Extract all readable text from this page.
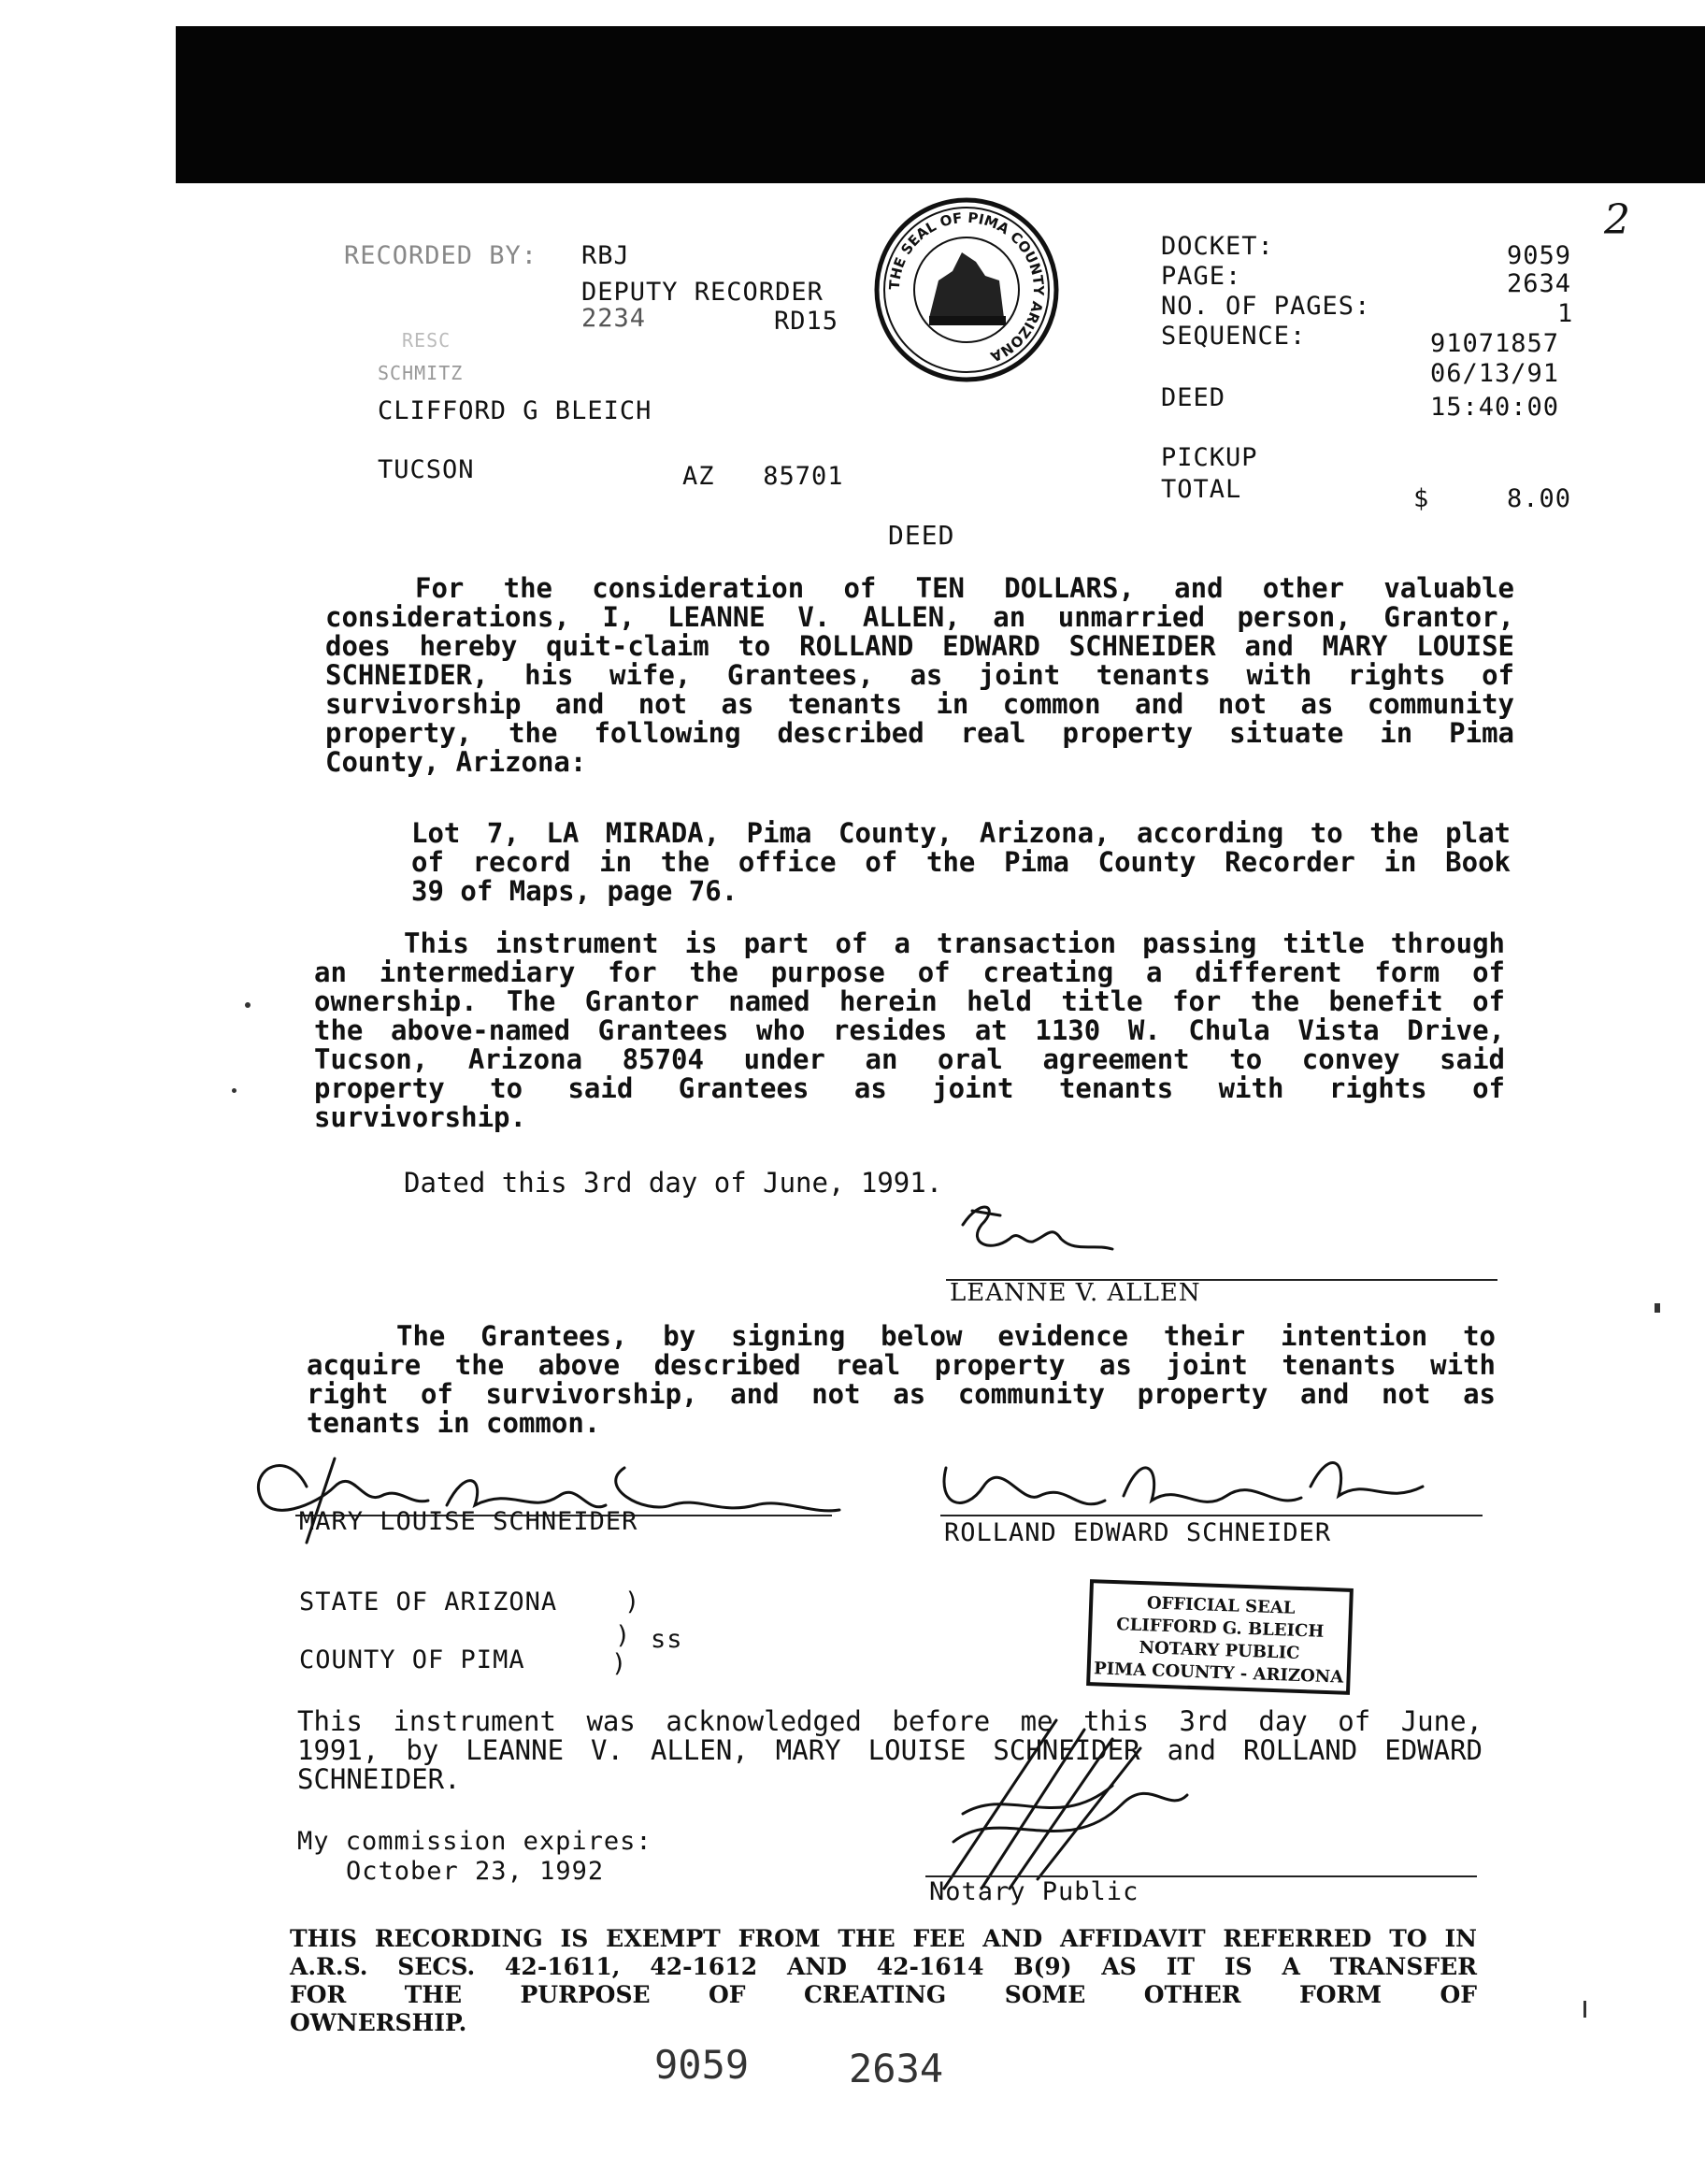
RECORDED BY: RBJ
DEPUTY RECORDER
2234	RD15
RESC
SCHMITZ
CLIFFORD G BLEICH
TUCSON	AZ   85701
THE SEAL OF PIMA COUNTY ARIZONA
DOCKET:	9059
PAGE:	2634
NO. OF PAGES:	1
SEQUENCE:	91071857
06/13/91
DEED	15:40:00
PICKUP
TOTAL	$	8.00
2
DEED
For the consideration of TEN DOLLARS, and other valuable
considerations, I, LEANNE V. ALLEN, an unmarried person, Grantor,
does hereby quit-claim to ROLLAND EDWARD SCHNEIDER and MARY LOUISE
SCHNEIDER, his wife, Grantees, as joint tenants with rights of
survivorship and not as tenants in common and not as community
property, the following described real property situate in Pima
County, Arizona:
Lot 7, LA MIRADA, Pima County, Arizona, according to the plat
of record in the office of the Pima County Recorder in Book
39 of Maps, page 76.
This instrument is part of a transaction passing title through
an intermediary for the purpose of creating a different form of
ownership. The Grantor named herein held title for the benefit of
the above-named Grantees who resides at 1130 W. Chula Vista Drive,
Tucson, Arizona 85704 under an oral agreement to convey said
property to said Grantees as joint tenants with rights of
survivorship.
Dated this 3rd day of June, 1991.
LEANNE V. ALLEN
The Grantees, by signing below evidence their intention to
acquire the above described real property as joint tenants with
right of survivorship, and not as community property and not as
tenants in common.
MARY LOUISE SCHNEIDER	ROLLAND EDWARD SCHNEIDER
STATE OF ARIZONA	)
) ss
COUNTY OF PIMA	)
OFFICIAL SEAL
CLIFFORD G. BLEICH
NOTARY PUBLIC
PIMA COUNTY - ARIZONA
This instrument was acknowledged before me this 3rd day of June,
1991, by LEANNE V. ALLEN, MARY LOUISE SCHNEIDER and ROLLAND EDWARD
SCHNEIDER.
My commission expires:
October 23, 1992
Notary Public
THIS RECORDING IS EXEMPT FROM THE FEE AND AFFIDAVIT REFERRED TO IN
A.R.S. SECS. 42-1611, 42-1612 AND 42-1614 B(9) AS IT IS A TRANSFER
FOR THE PURPOSE OF CREATING SOME OTHER FORM OF
OWNERSHIP.
9059	2634
